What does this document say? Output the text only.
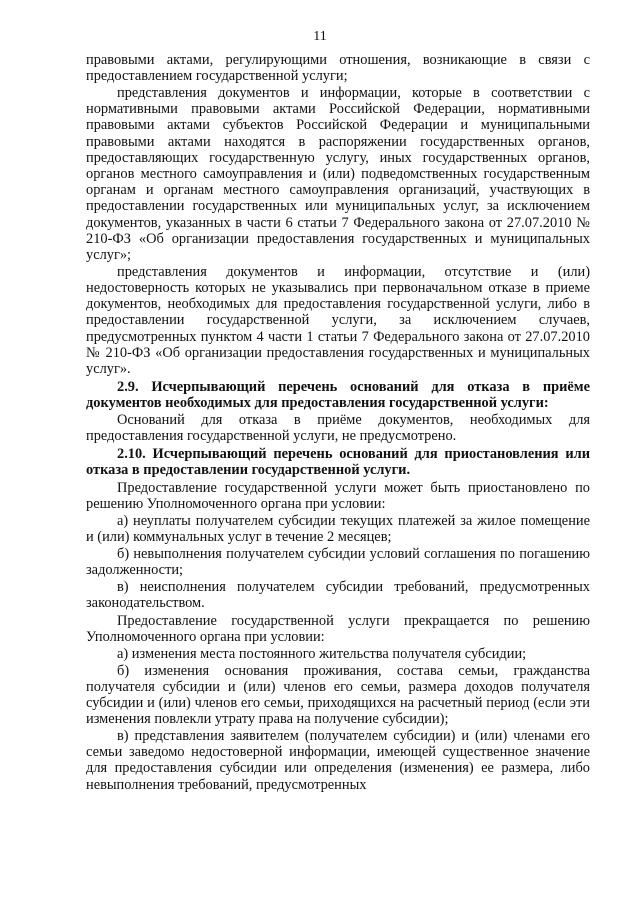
11

правовыми актами, регулирующими отношения, возникающие в связи с предоставлением государственной услуги;

представления документов и информации, которые в соответствии с нормативными правовыми актами Российской Федерации, нормативными правовыми актами субъектов Российской Федерации и муниципальными правовыми актами находятся в распоряжении государственных органов, предоставляющих государственную услугу, иных государственных органов, органов местного самоуправления и (или) подведомственных государственным органам и органам местного самоуправления организаций, участвующих в предоставлении государственных или муниципальных услуг, за исключением документов, указанных в части 6 статьи 7 Федерального закона от 27.07.2010 № 210-ФЗ «Об организации предоставления государственных и муниципальных услуг»;

представления документов и информации, отсутствие и (или) недостоверность которых не указывались при первоначальном отказе в приеме документов, необходимых для предоставления государственной услуги, либо в предоставлении государственной услуги, за исключением случаев, предусмотренных пунктом 4 части 1 статьи 7 Федерального закона от 27.07.2010 № 210-ФЗ «Об организации предоставления государственных и муниципальных услуг».

2.9. Исчерпывающий перечень оснований для отказа в приёме документов необходимых для предоставления государственной услуги:

Оснований для отказа в приёме документов, необходимых для предоставления государственной услуги, не предусмотрено.

2.10. Исчерпывающий перечень оснований для приостановления или отказа в предоставлении государственной услуги.

Предоставление государственной услуги может быть приостановлено по решению Уполномоченного органа при условии:

а) неуплаты получателем субсидии текущих платежей за жилое помещение и (или) коммунальных услуг в течение 2 месяцев;

б) невыполнения получателем субсидии условий соглашения по погашению задолженности;

в) неисполнения получателем субсидии требований, предусмотренных законодательством.

Предоставление государственной услуги прекращается по решению Уполномоченного органа при условии:

а) изменения места постоянного жительства получателя субсидии;

б) изменения основания проживания, состава семьи, гражданства получателя субсидии и (или) членов его семьи, размера доходов получателя субсидии и (или) членов его семьи, приходящихся на расчетный период (если эти изменения повлекли утрату права на получение субсидии);

в) представления заявителем (получателем субсидии) и (или) членами его семьи заведомо недостоверной информации, имеющей существенное значение для предоставления субсидии или определения (изменения) ее размера, либо невыполнения требований, предусмотренных
